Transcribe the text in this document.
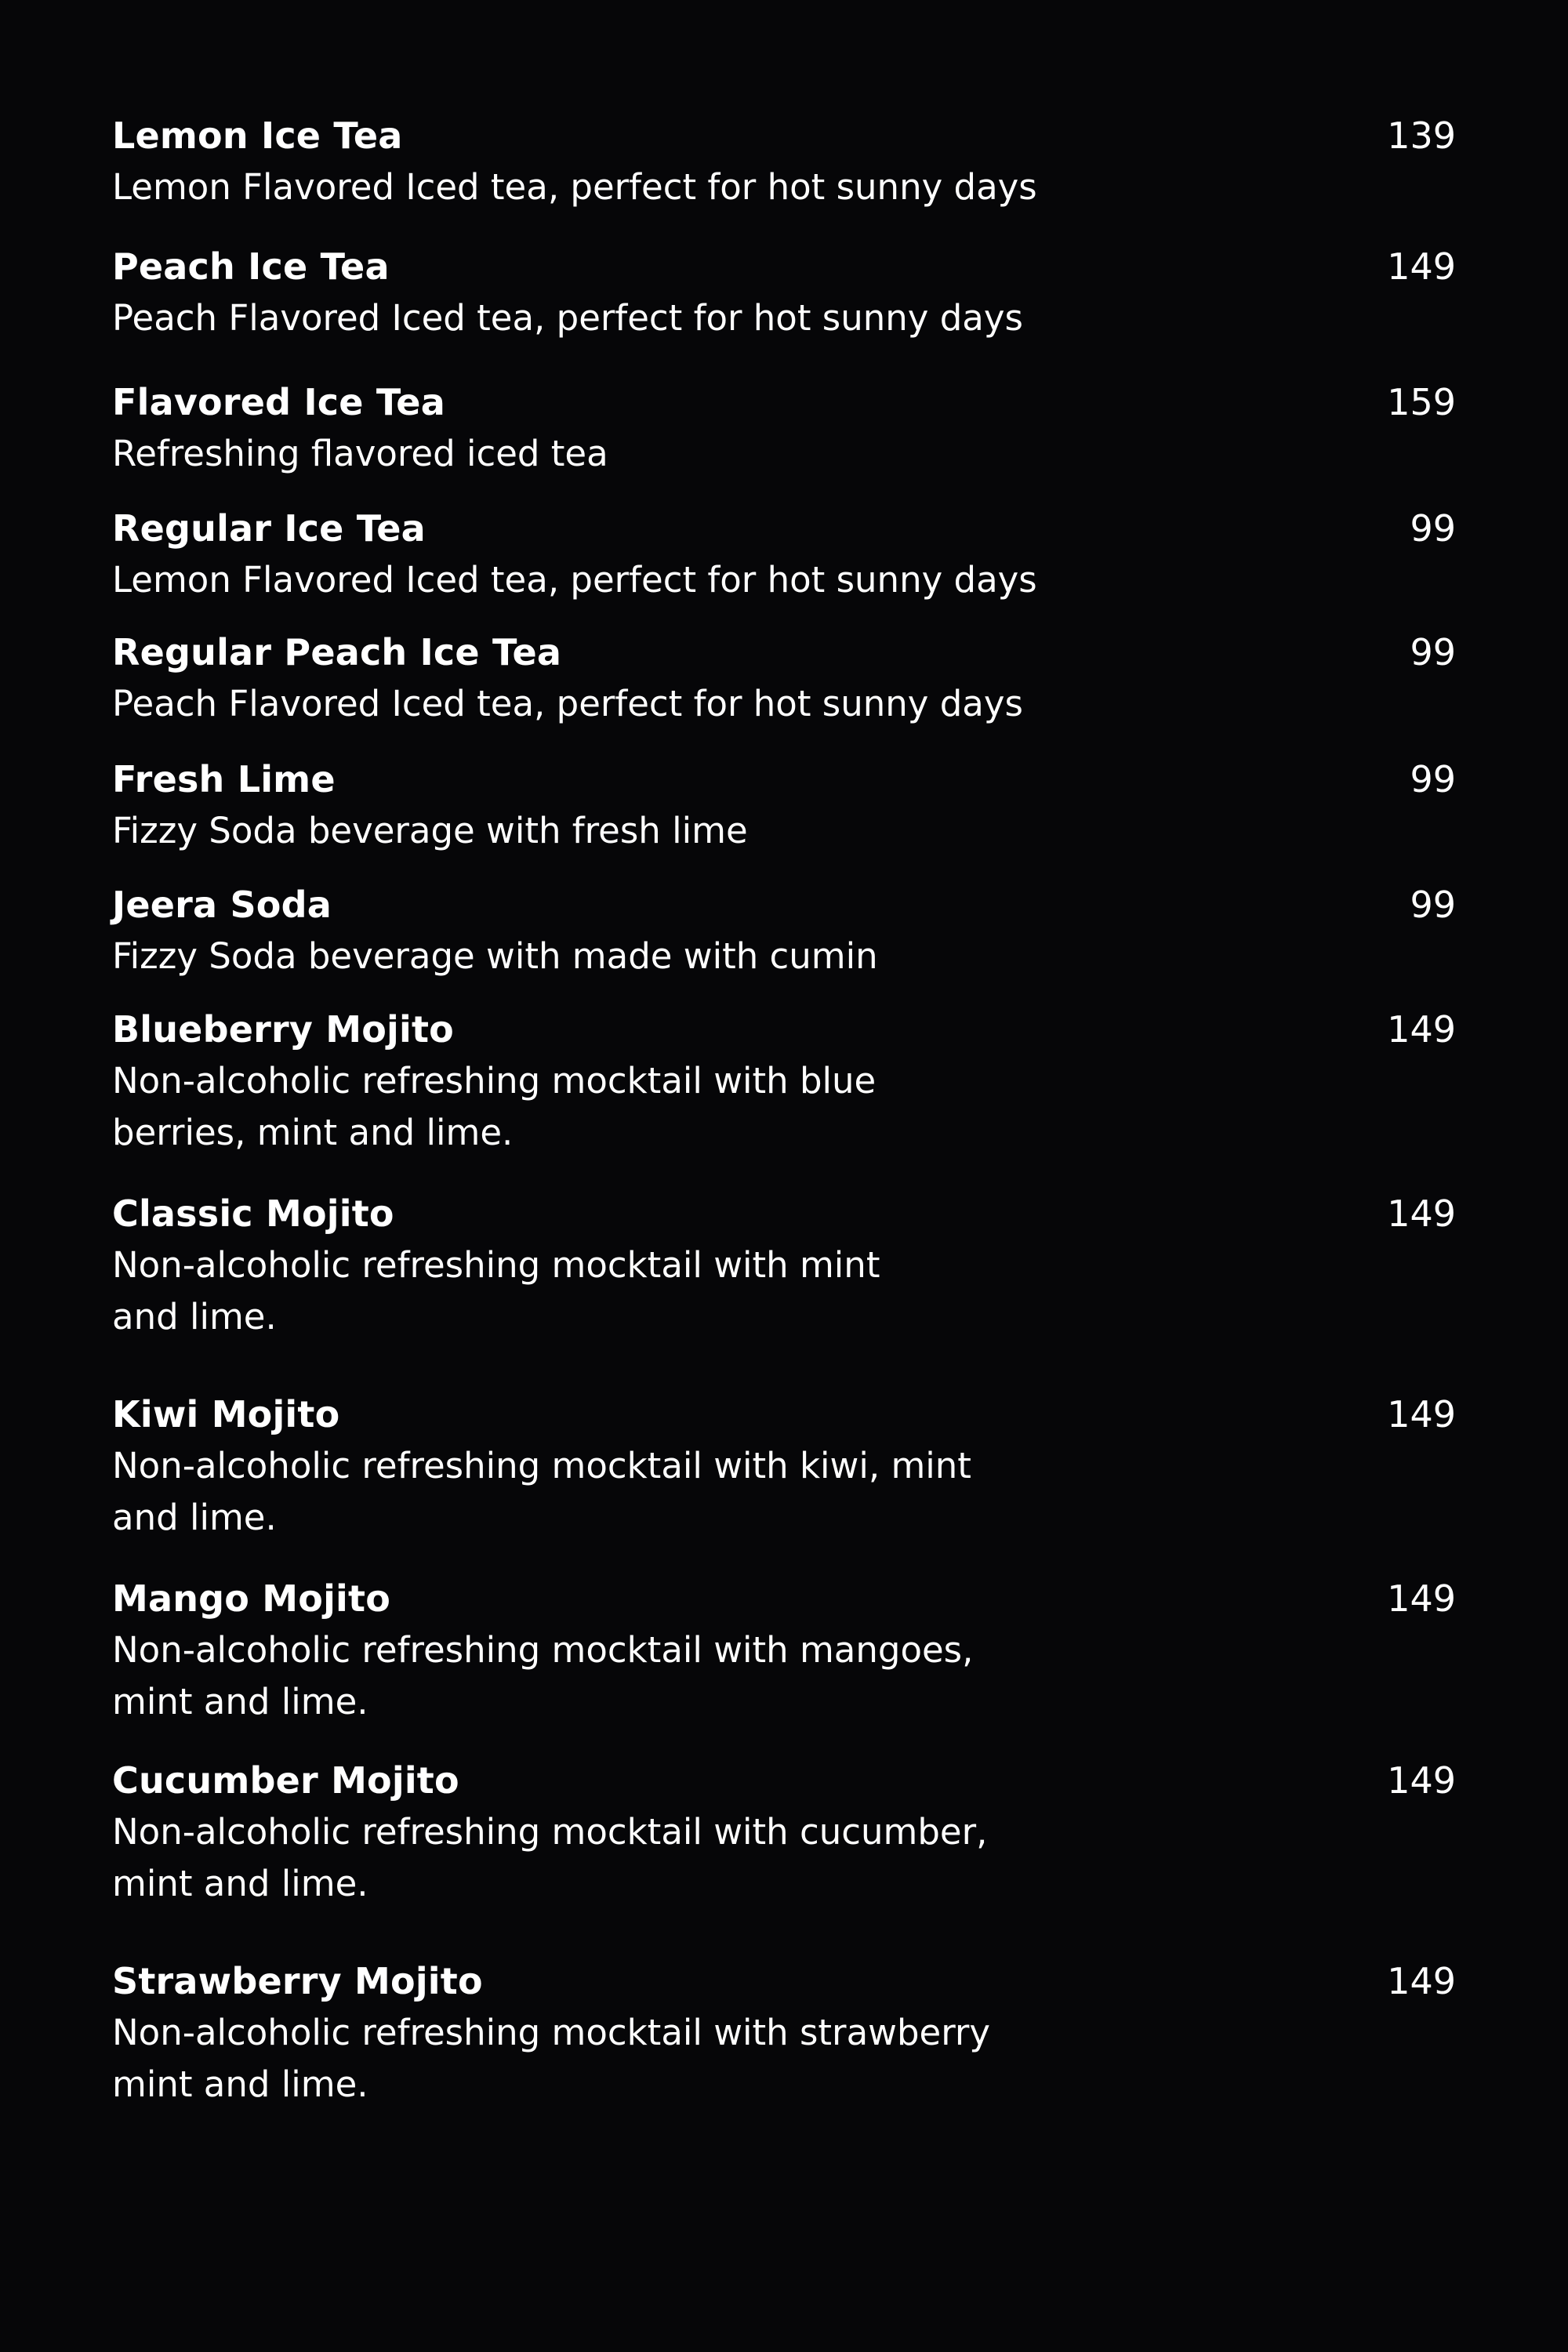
Lemon Ice Tea	139
Lemon Flavored Iced tea, perfect for hot sunny days
Peach Ice Tea	149
Peach Flavored Iced tea, perfect for hot sunny days
Flavored Ice Tea	159
Refreshing flavored iced tea
Regular Ice Tea	99
Lemon Flavored Iced tea, perfect for hot sunny days
Regular Peach Ice Tea	99
Peach Flavored Iced tea, perfect for hot sunny days
Fresh Lime	99
Fizzy Soda beverage with fresh lime
Jeera Soda	99
Fizzy Soda beverage with made with cumin
Blueberry Mojito	149
Non-alcoholic refreshing mocktail with blue
berries, mint and lime.
Classic Mojito	149
Non-alcoholic refreshing mocktail with mint
and lime.
Kiwi Mojito	149
Non-alcoholic refreshing mocktail with kiwi, mint
and lime.
Mango Mojito	149
Non-alcoholic refreshing mocktail with mangoes,
mint and lime.
Cucumber Mojito	149
Non-alcoholic refreshing mocktail with cucumber,
mint and lime.
Strawberry Mojito	149
Non-alcoholic refreshing mocktail with strawberry
mint and lime.
